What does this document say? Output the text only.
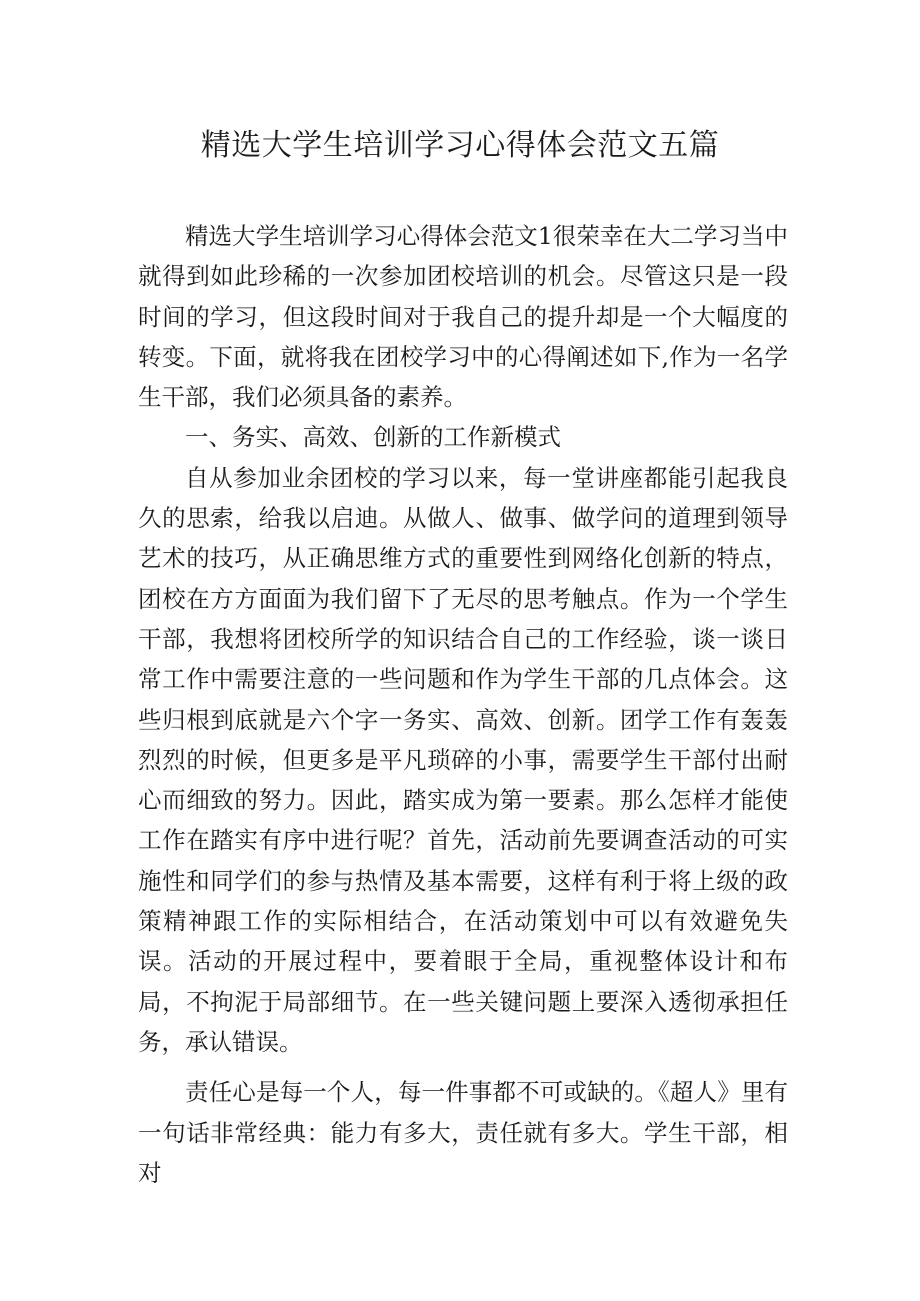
精选大学生培训学习心得体会范文五篇

精选大学生培训学习心得体会范文1很荣幸在大二学习当中就得到如此珍稀的一次参加团校培训的机会。尽管这只是一段时间的学习，但这段时间对于我自己的提升却是一个大幅度的转变。下面，就将我在团校学习中的心得阐述如下,作为一名学生干部，我们必须具备的素养。

一、务实、高效、创新的工作新模式

自从参加业余团校的学习以来，每一堂讲座都能引起我良久的思索，给我以启迪。从做人、做事、做学问的道理到领导艺术的技巧，从正确思维方式的重要性到网络化创新的特点，团校在方方面面为我们留下了无尽的思考触点。作为一个学生干部，我想将团校所学的知识结合自己的工作经验，谈一谈日常工作中需要注意的一些问题和作为学生干部的几点体会。这些归根到底就是六个字一务实、高效、创新。团学工作有轰轰烈烈的时候，但更多是平凡琐碎的小事，需要学生干部付出耐心而细致的努力。因此，踏实成为第一要素。那么怎样才能使工作在踏实有序中进行呢？首先，活动前先要调查活动的可实施性和同学们的参与热情及基本需要，这样有利于将上级的政策精神跟工作的实际相结合，在活动策划中可以有效避免失误。活动的开展过程中，要着眼于全局，重视整体设计和布局，不拘泥于局部细节。在一些关键问题上要深入透彻承担任务，承认错误。

责任心是每一个人，每一件事都不可或缺的。《超人》里有一句话非常经典：能力有多大，责任就有多大。学生干部，相对
